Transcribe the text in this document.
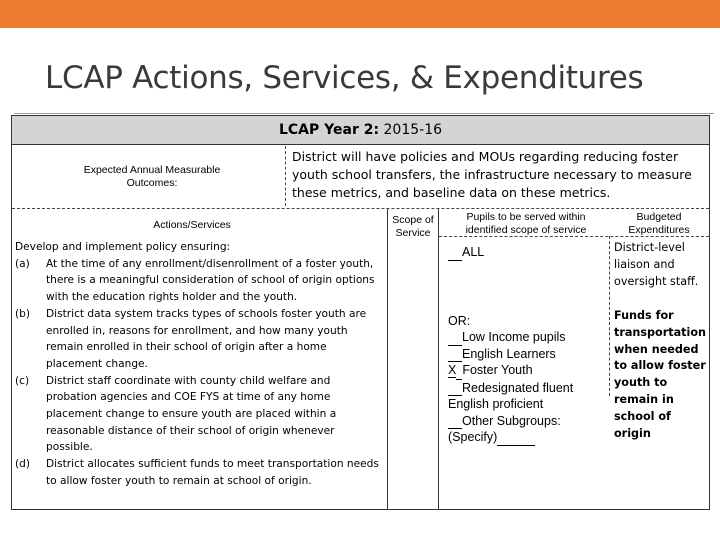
LCAP Actions, Services, & Expenditures
LCAP Year 2: 2015-16
Expected Annual Measurable Outcomes:
District will have policies and MOUs regarding reducing foster youth school transfers, the infrastructure necessary to measure these metrics, and baseline data on these metrics.
Actions/Services	Scope of Service
Pupils to be served within identified scope of service
Budgeted Expenditures
Develop and implement policy ensuring:
(a) At the time of any enrollment/disenrollment of a foster youth, there is a meaningful consideration of school of origin options with the education rights holder and the youth.
(b) District data system tracks types of schools foster youth are enrolled in, reasons for enrollment, and how many youth remain enrolled in their school of origin after a home placement change.
(c) District staff coordinate with county child welfare and probation agencies and COE FYS at time of any home placement change to ensure youth are placed within a reasonable distance of their school of origin whenever possible.
(d) District allocates sufficient funds to meet transportation needs to allow foster youth to remain at school of origin.
ALL
OR:
Low Income pupils
English Learners
X Foster Youth
Redesignated fluent English proficient
Other Subgroups: (Specify)
District-level liaison and oversight staff.
Funds for transportation when needed to allow foster youth to remain in school of origin
